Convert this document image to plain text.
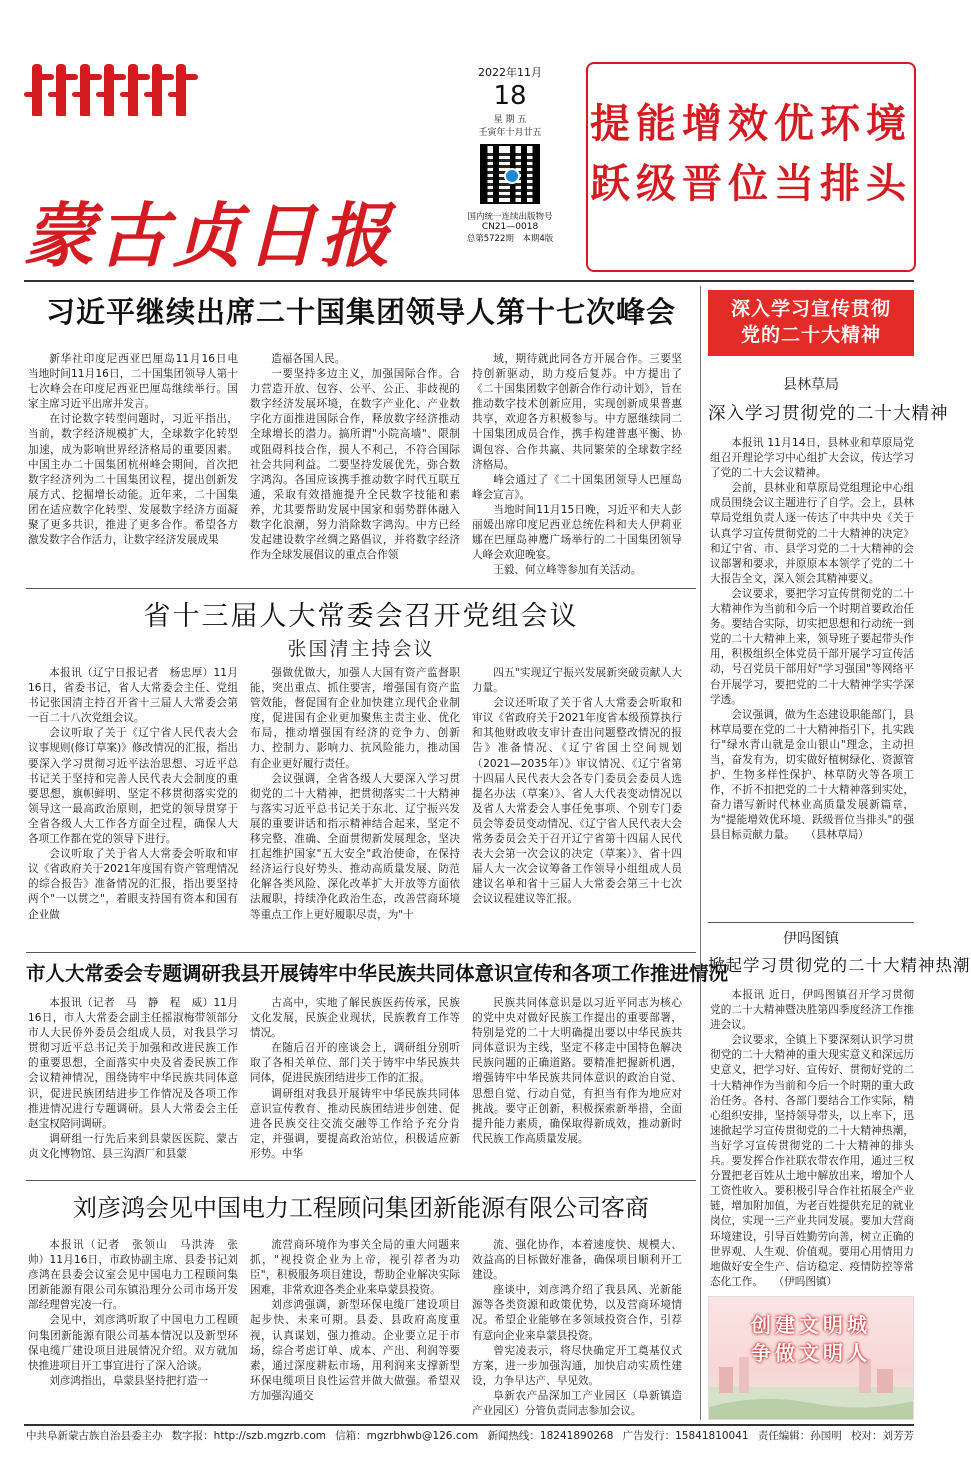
蒙古贞日报
2022年11月
18
星 期 五
壬寅年十月廿五
国内统一连续出版物号
CN21—0018
总第5722期　本期4版
提能增效优环境
跃级晋位当排头
习近平继续出席二十国集团领导人第十七次峰会

新华社印度尼西亚巴厘岛11月16日电 当地时间11月16日，二十国集团领导人第十七次峰会在印度尼西亚巴厘岛继续举行。国家主席习近平出席并发言。

在讨论数字转型问题时，习近平指出，当前，数字经济规模扩大，全球数字化转型加速，成为影响世界经济格局的重要因素。中国主办二十国集团杭州峰会期间，首次把数字经济列为二十国集团议程，提出创新发展方式、挖掘增长动能。近年来，二十国集团在适应数字化转型、发展数字经济方面凝聚了更多共识，推进了更多合作。希望各方激发数字合作活力，让数字经济发展成果

造福各国人民。

一要坚持多边主义，加强国际合作。合力营造开放、包容、公平、公正、非歧视的数字经济发展环境，在数字产业化、产业数字化方面推进国际合作，释放数字经济推动全球增长的潜力。搞所谓"小院高墙"、限制或阻碍科技合作，损人不利己，不符合国际社会共同利益。二要坚持发展优先，弥合数字鸿沟。各国应该携手推动数字时代互联互通，采取有效措施提升全民数字技能和素养，尤其要帮助发展中国家和弱势群体融入数字化浪潮，努力消除数字鸿沟。中方已经发起建设数字丝绸之路倡议，并将数字经济作为全球发展倡议的重点合作领

域，期待就此同各方开展合作。三要坚持创新驱动，助力疫后复苏。中方提出了《二十国集团数字创新合作行动计划》，旨在推动数字技术创新应用，实现创新成果普惠共享，欢迎各方积极参与。中方愿继续同二十国集团成员合作，携手构建普惠平衡、协调包容、合作共赢、共同繁荣的全球数字经济格局。

峰会通过了《二十国集团领导人巴厘岛峰会宣言》。

当地时间11月15日晚，习近平和夫人彭丽媛出席印度尼西亚总统佐科和夫人伊莉亚娜在巴厘岛神鹰广场举行的二十国集团领导人峰会欢迎晚宴。

王毅、何立峰等参加有关活动。

省十三届人大常委会召开党组会议
张国清主持会议

本报讯（辽宁日报记者　杨忠厚）11月16日，省委书记，省人大常委会主任、党组书记张国清主持召开省十三届人大常委会第一百二十八次党组会议。

会议听取了关于《辽宁省人民代表大会议事规则(修订草案)》修改情况的汇报，指出要深入学习贯彻习近平法治思想、习近平总书记关于坚持和完善人民代表大会制度的重要思想，旗帜鲜明、坚定不移贯彻落实党的领导这一最高政治原则，把党的领导贯穿于全省各级人大工作各方面全过程，确保人大各项工作都在党的领导下进行。

会议听取了关于省人大常委会听取和审议《省政府关于2021年度国有资产管理情况的综合报告》准备情况的汇报，指出要坚持两个"一以贯之"，着眼支持国有资本和国有企业做

强做优做大，加强人大国有资产监督职能，突出重点、抓住要害，增强国有资产监管效能，督促国有企业加快建立现代企业制度，促进国有企业更加聚焦主责主业、优化布局，推动增强国有经济的竞争力、创新力、控制力、影响力、抗风险能力，推动国有企业更好履行责任。

会议强调，全省各级人大要深入学习贯彻党的二十大精神，把贯彻落实二十大精神与落实习近平总书记关于东北、辽宁振兴发展的重要讲话和指示精神结合起来，坚定不移完整、准确、全面贯彻新发展理念，坚决扛起维护国家"五大安全"政治使命，在保持经济运行良好势头、推动高质量发展、防范化解各类风险、深化改革扩大开放等方面依法履职，持续净化政治生态，改善营商环境等重点工作上更好履职尽责，为"十

四五"实现辽宁振兴发展新突破贡献人大力量。

会议还听取了关于省人大常委会听取和审议《省政府关于2021年度省本级预算执行和其他财政收支审计查出问题整改情况的报告》准备情况、《辽宁省国土空间规划（2021—2035年）》审议情况、《辽宁省第十四届人民代表大会各专门委员会委员人选提名办法（草案）》、省人大代表变动情况以及省人大常委会人事任免事项、个别专门委员会等委员变动情况、《辽宁省人民代表大会常务委员会关于召开辽宁省第十四届人民代表大会第一次会议的决定（草案）》、省十四届人大一次会议筹备工作领导小组组成人员建议名单和省十三届人大常委会第三十七次会议议程建议等汇报。

市人大常委会专题调研我县开展铸牢中华民族共同体意识宣传和各项工作推进情况

本报讯（记者　马　静　程　威）11月16日，市人大常委会副主任摇淑梅带领部分市人大民侨外委员会组成人员，对我县学习贯彻习近平总书记关于加强和改进民族工作的重要思想，全面落实中央及省委民族工作会议精神情况，围绕铸牢中华民族共同体意识，促进民族团结进步工作情况及各项工作推进情况进行专题调研。县人大常委会主任赵宝权陪同调研。

调研组一行先后来到县蒙医医院、蒙古贞文化博物馆、县三沟酒厂和县蒙

古高中，实地了解民族医药传承，民族文化发展，民族企业现状，民族教育工作等情况。

在随后召开的座谈会上，调研组分别听取了各相关单位、部门关于铸牢中华民族共同体，促进民族团结进步工作的汇报。

调研组对我县开展铸牢中华民族共同体意识宣传教育、推动民族团结进步创建、促进各民族交往交流交融等工作给予充分肯定，并强调，要提高政治站位，积极适应新形势。中华

民族共同体意识是以习近平同志为核心的党中央对做好民族工作提出的重要部署，特别是党的二十大明确提出要以中华民族共同体意识为主线，坚定不移走中国特色解决民族问题的正确道路。要精准把握新机遇，增强铸牢中华民族共同体意识的政治自觉、思想自觉、行动自觉，有担当有作为地应对挑战。要守正创新，积极探索新举措，全面提升能力素质，确保取得新成效，推动新时代民族工作高质量发展。

刘彦鸿会见中国电力工程顾问集团新能源有限公司客商

本报讯（记者　张领山　马洪涛　张　帅）11月16日，市政协副主席、县委书记刘彦鸿在县委会议室会见中国电力工程顾问集团新能源有限公司东镇沿理分公司市场开发部经理曾宪凌一行。

会见中，刘彦鸿听取了中国电力工程顾问集团新能源有限公司基本情况以及新型环保电缆厂建设项目进展情况介绍。双方就加快推进项目开工事宜进行了深入洽谈。

刘彦鸿指出，阜蒙县坚持把打造一

流营商环境作为事关全局的重大问题来抓，"视投资企业为上帝，视引荐者为功臣"，积极服务项目建设，帮助企业解决实际困难，非常欢迎各类企业来阜蒙县投资。

刘彦鸿强调，新型环保电缆厂建设项目起步快、未来可期。县委、县政府高度重视，认真谋划，强力推动。企业要立足于市场，综合考虑订单、成本、产出、利润等要素，通过深度耕耘市场，用利润来支撑新型环保电缆项目良性运营并做大做强。希望双方加强沟通交

流、强化协作，本着速度快、规模大、效益高的目标做好准备，确保项目顺利开工建设。

座谈中，刘彦鸿介绍了我县风、光新能源等各类资源和政策优势，以及营商环境情况。希望企业能够在多领域投资合作，引荐有意向企业来阜蒙县投资。

曾宪凌表示，将尽快确定开工奠基仪式方案，进一步加强沟通，加快启动实质性建设，力争早达产、早见效。

阜新农产品深加工产业园区（阜新镇造产业园区）分管负责同志参加会议。

深入学习宣传贯彻
党的二十大精神
县林草局
深入学习贯彻党的二十大精神

本报讯 11月14日，县林业和草原局党组召开理论学习中心组扩大会议，传达学习了党的二十大会议精神。

会前，县林业和草原局党组理论中心组成员围绕会议主题进行了自学。会上，县林草局党组负责人逐一传达了中共中央《关于认真学习宣传贯彻党的二十大精神的决定》和辽宁省、市、县学习党的二十大精神的会议部署和要求，并原原本本领学了党的二十大报告全文，深入领会其精神要义。

会议要求，要把学习宣传贯彻党的二十大精神作为当前和今后一个时期首要政治任务。要结合实际，切实把思想和行动统一到党的二十大精神上来，领导班子要起带头作用，积极组织全体党员干部开展学习宣传活动，号召党员干部用好"学习强国"等网络平台开展学习，要把党的二十大精神学实学深学透。

会议强调，做为生态建设职能部门，县林草局要在党的二十大精神指引下，扎实践行"绿水青山就是金山银山"理念，主动担当，奋发有为，切实做好植树绿化、资源管护、生物多样性保护、林草防火等各项工作，不折不扣把党的二十大精神落到实处，奋力谱写新时代林业高质量发展新篇章，为"提能增效优环境、跃级晋位当排头"的强县目标贡献力量。　　（县林草局）

伊吗图镇
掀起学习贯彻党的二十大精神热潮

本报讯 近日，伊吗图镇召开学习贯彻党的二十大精神暨决胜第四季度经济工作推进会议。

会议要求，全镇上下要深刻认识学习贯彻党的二十大精神的重大现实意义和深远历史意义，把学习好、宣传好、贯彻好党的二十大精神作为当前和今后一个时期的重大政治任务。各村、各部门要结合工作实际，精心组织安排，坚持领导带头，以上率下，迅速掀起学习宣传贯彻党的二十大精神热潮，当好学习宣传贯彻党的二十大精神的排头兵。要发挥合作社联农带农作用，通过三权分置把老百姓从土地中解放出来，增加个人工资性收入。要积极引导合作社拓展全产业链，增加附加值，为老百姓提供充足的就业岗位，实现一三产业共同发展。要加大营商环境建设，引导百姓勤劳向善，树立正确的世界观、人生观、价值观。要用心用情用力地做好安全生产、信访稳定、疫情防控等常态化工作。　　（伊吗图镇）

创建文明城
争做文明人
中共阜新蒙古族自治县委主办 数字报：http://szb.mgzrb.com 信箱：mgzrbhwb@126.com 新闻热线：18241890268 广告发行：15841810041 责任编辑：孙国明 校对：刘芳芳
